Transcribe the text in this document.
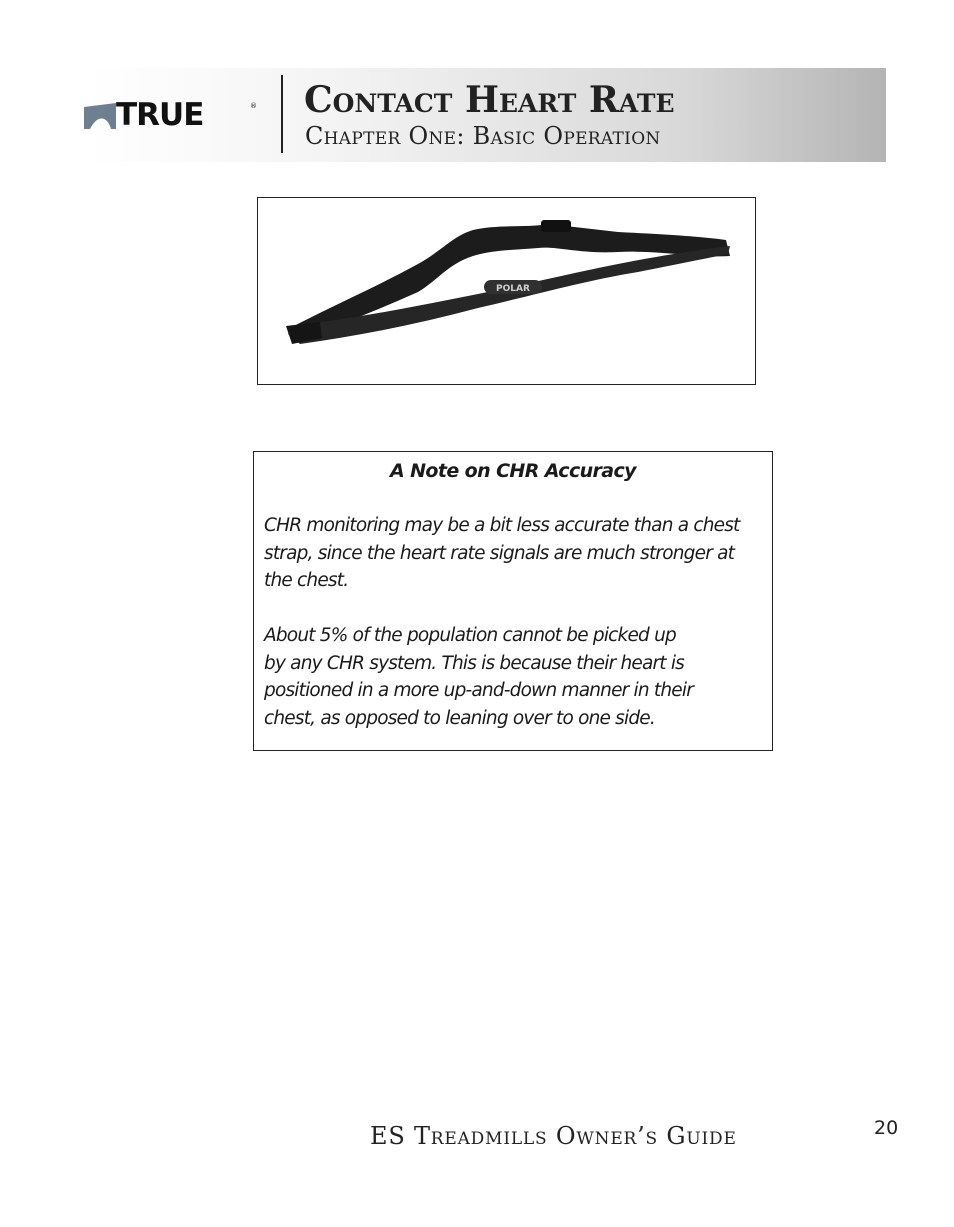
TRUE	® Contact Heart Rate
Chapter One: Basic Operation
POLAR
A Note on CHR Accuracy
CHR monitoring may be a bit less accurate than a chest
strap, since the heart rate signals are much stronger at
the chest.
About 5% of the population cannot be picked up
by any CHR system. This is because their heart is
positioned in a more up-and-down manner in their
chest, as opposed to leaning over to one side.
ES Treadmills Owner’s Guide	20
